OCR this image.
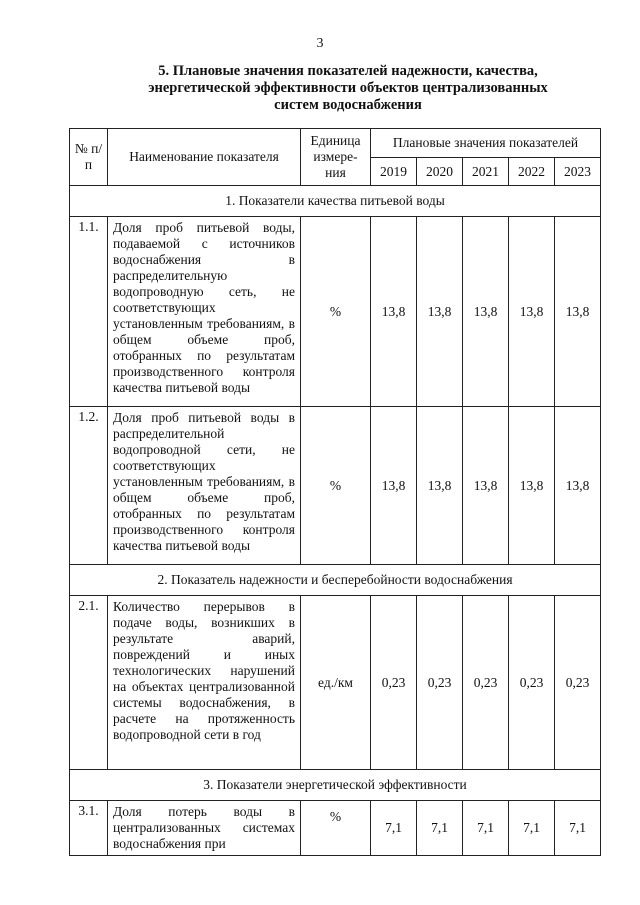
3
5. Плановые значения показателей надежности, качества,
энергетической эффективности объектов централизованных
систем водоснабжения
№ п/п	Наименование показателя	Единица измере-ния	Плановые значения показателей				
			2019	2020	2021	2022	2023
1. Показатели качества питьевой воды							
1.1.	Доля проб питьевой воды, подаваемой с источников водоснабжения в распределительную водопроводную сеть, не соответствующих установленным требованиям, в общем объеме проб, отобранных по результатам производственного контроля качества питьевой воды	%	13,8	13,8	13,8	13,8	13,8
1.2.	Доля проб питьевой воды в распределительной водопроводной сети, не соответствующих установленным требованиям, в общем объеме проб, отобранных по результатам производственного контроля качества питьевой воды	%	13,8	13,8	13,8	13,8	13,8
2. Показатель надежности и бесперебойности водоснабжения							
2.1.	Количество перерывов в подаче воды, возникших в результате аварий, повреждений и иных технологических нарушений на объектах централизованной системы водоснабжения, в расчете на протяженность водопроводной сети в год	ед./км	0,23	0,23	0,23	0,23	0,23
3. Показатели энергетической эффективности							
3.1.	Доля потерь воды в централизованных системах водоснабжения при	%	7,1	7,1	7,1	7,1	7,1
